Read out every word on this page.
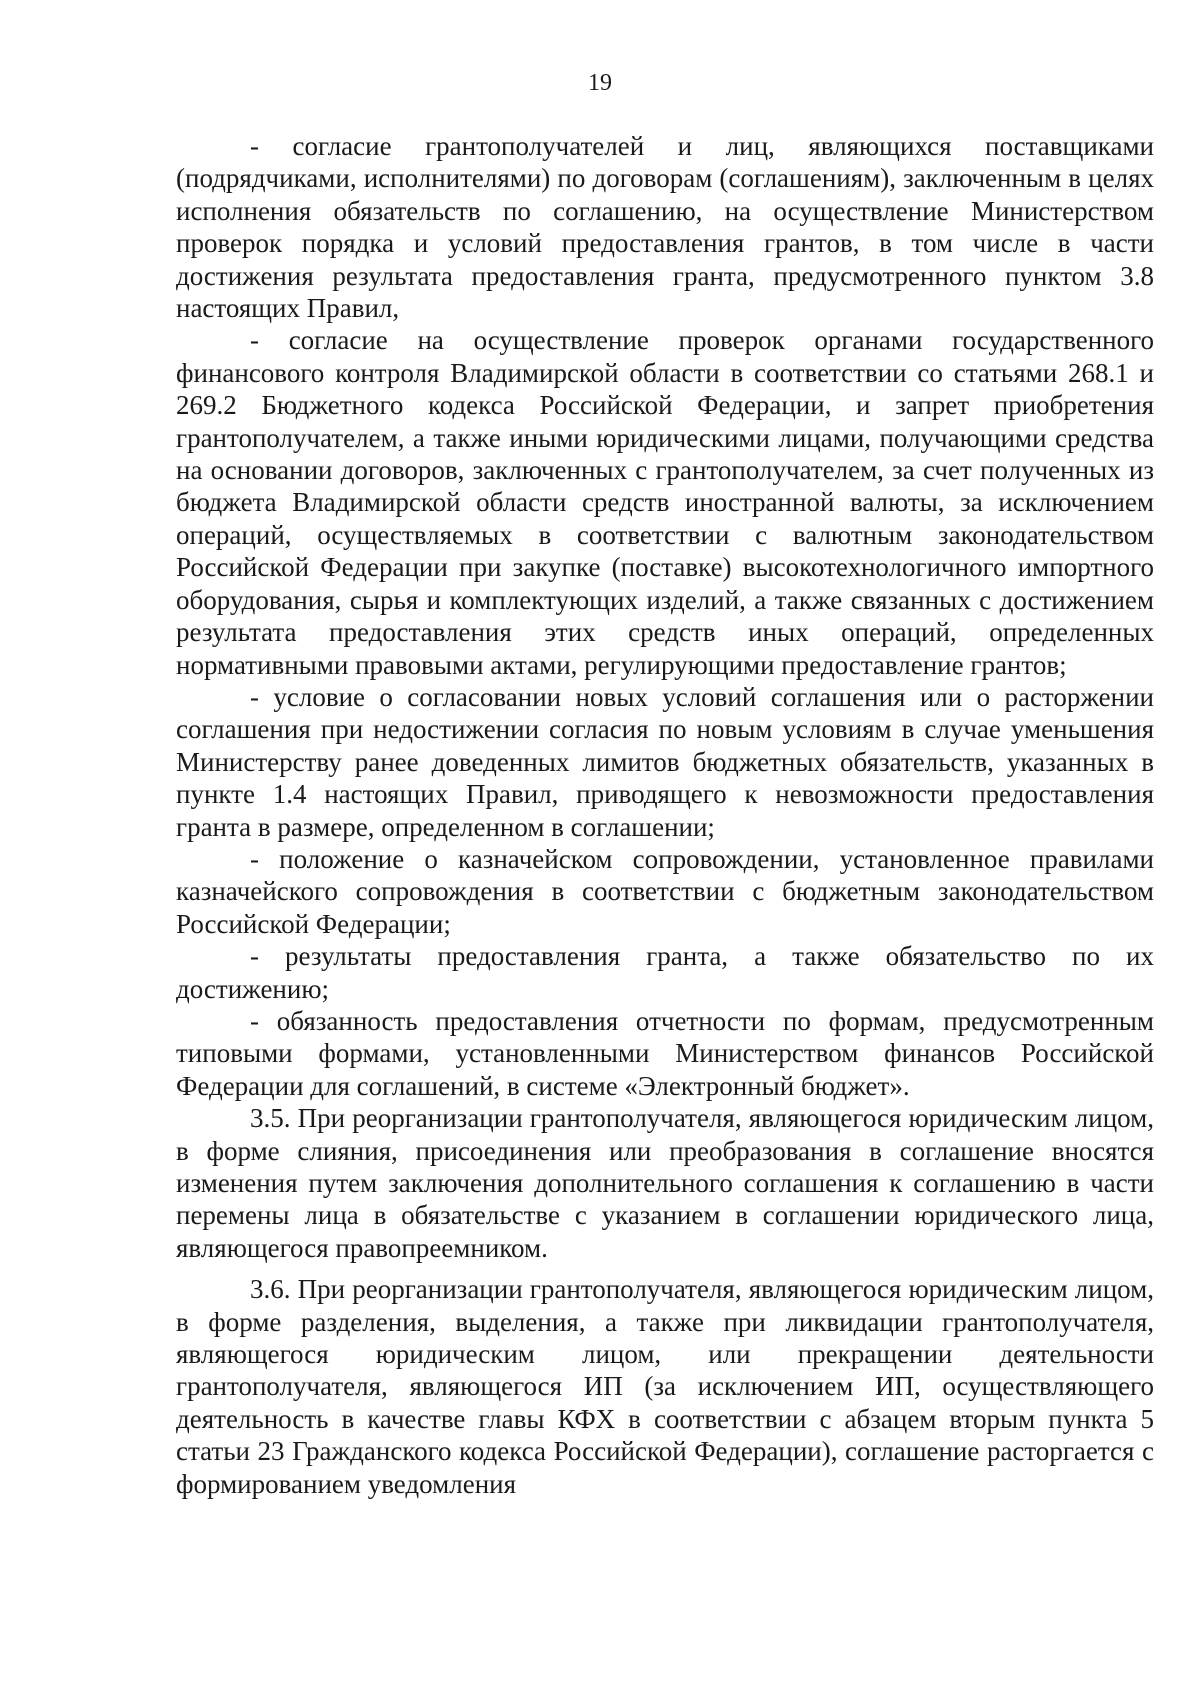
19

- согласие грантополучателей и лиц, являющихся поставщиками (подрядчиками, исполнителями) по договорам (соглашениям), заключенным в целях исполнения обязательств по соглашению, на осуществление Министерством проверок порядка и условий предоставления грантов, в том числе в части достижения результата предоставления гранта, предусмотренного пунктом 3.8 настоящих Правил,

- согласие на осуществление проверок органами государственного финансового контроля Владимирской области в соответствии со статьями 268.1 и 269.2 Бюджетного кодекса Российской Федерации, и запрет приобретения грантополучателем, а также иными юридическими лицами, получающими средства на основании договоров, заключенных с грантополучателем, за счет полученных из бюджета Владимирской области средств иностранной валюты, за исключением операций, осуществляемых в соответствии с валютным законодательством Российской Федерации при закупке (поставке) высокотехнологичного импортного оборудования, сырья и комплектующих изделий, а также связанных с достижением результата предоставления этих средств иных операций, определенных нормативными правовыми актами, регулирующими предоставление грантов;

- условие о согласовании новых условий соглашения или о расторжении соглашения при недостижении согласия по новым условиям в случае уменьшения Министерству ранее доведенных лимитов бюджетных обязательств, указанных в пункте 1.4 настоящих Правил, приводящего к невозможности предоставления гранта в размере, определенном в соглашении;

- положение о казначейском сопровождении, установленное правилами казначейского сопровождения в соответствии с бюджетным законодательством Российской Федерации;

- результаты предоставления гранта, а также обязательство по их достижению;

- обязанность предоставления отчетности по формам, предусмотренным типовыми формами, установленными Министерством финансов Российской Федерации для соглашений, в системе «Электронный бюджет».

3.5. При реорганизации грантополучателя, являющегося юридическим лицом, в форме слияния, присоединения или преобразования в соглашение вносятся изменения путем заключения дополнительного соглашения к соглашению в части перемены лица в обязательстве с указанием в соглашении юридического лица, являющегося правопреемником.

3.6. При реорганизации грантополучателя, являющегося юридическим лицом, в форме разделения, выделения, а также при ликвидации грантополучателя, являющегося юридическим лицом, или прекращении деятельности грантополучателя, являющегося ИП (за исключением ИП, осуществляющего деятельность в качестве главы КФХ в соответствии с абзацем вторым пункта 5 статьи 23 Гражданского кодекса Российской Федерации), соглашение расторгается с формированием уведомления
